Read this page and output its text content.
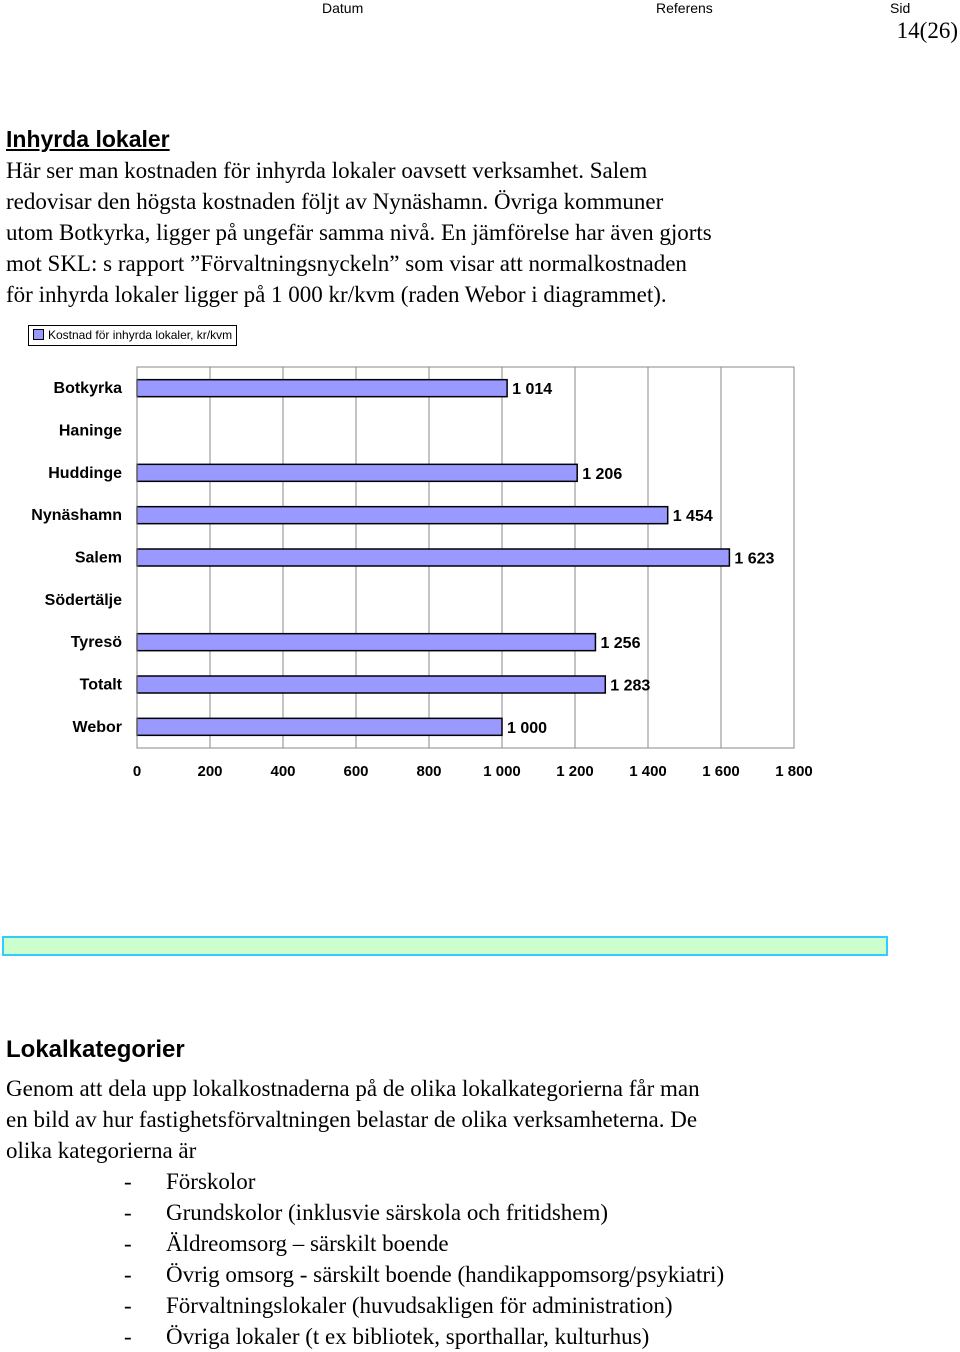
Datum	Referens	Sid
14(26)
Inhyrda lokaler
Här ser man kostnaden för inhyrda lokaler oavsett verksamhet. Salem
redovisar den högsta kostnaden följt av Nynäshamn. Övriga kommuner
utom Botkyrka, ligger på ungefär samma nivå. En jämförelse har även gjorts
mot SKL: s rapport ”Förvaltningsnyckeln” som visar att normalkostnaden
för inhyrda lokaler ligger på 1 000 kr/kvm (raden Webor i diagrammet).
Kostnad för inhyrda lokaler, kr/kvm
0	200	400	600	800	1 000 1 200 1 400 1 600 1 800
Botkyrka	1 014
Haninge
Huddinge	1 206
Nynäshamn	1 454
Salem	1 623
Södertälje
Tyresö	1 256
Totalt	1 283
Webor	1 000
Lokalkategorier
Genom att dela upp lokalkostnaderna på de olika lokalkategorierna får man
en bild av hur fastighetsförvaltningen belastar de olika verksamheterna. De
olika kategorierna är
- Förskolor
- Grundskolor (inklusvie särskola och fritidshem)
- Äldreomsorg – särskilt boende
- Övrig omsorg - särskilt boende (handikappomsorg/psykiatri)
- Förvaltningslokaler (huvudsakligen för administration)
- Övriga lokaler (t ex bibliotek, sporthallar, kulturhus)
